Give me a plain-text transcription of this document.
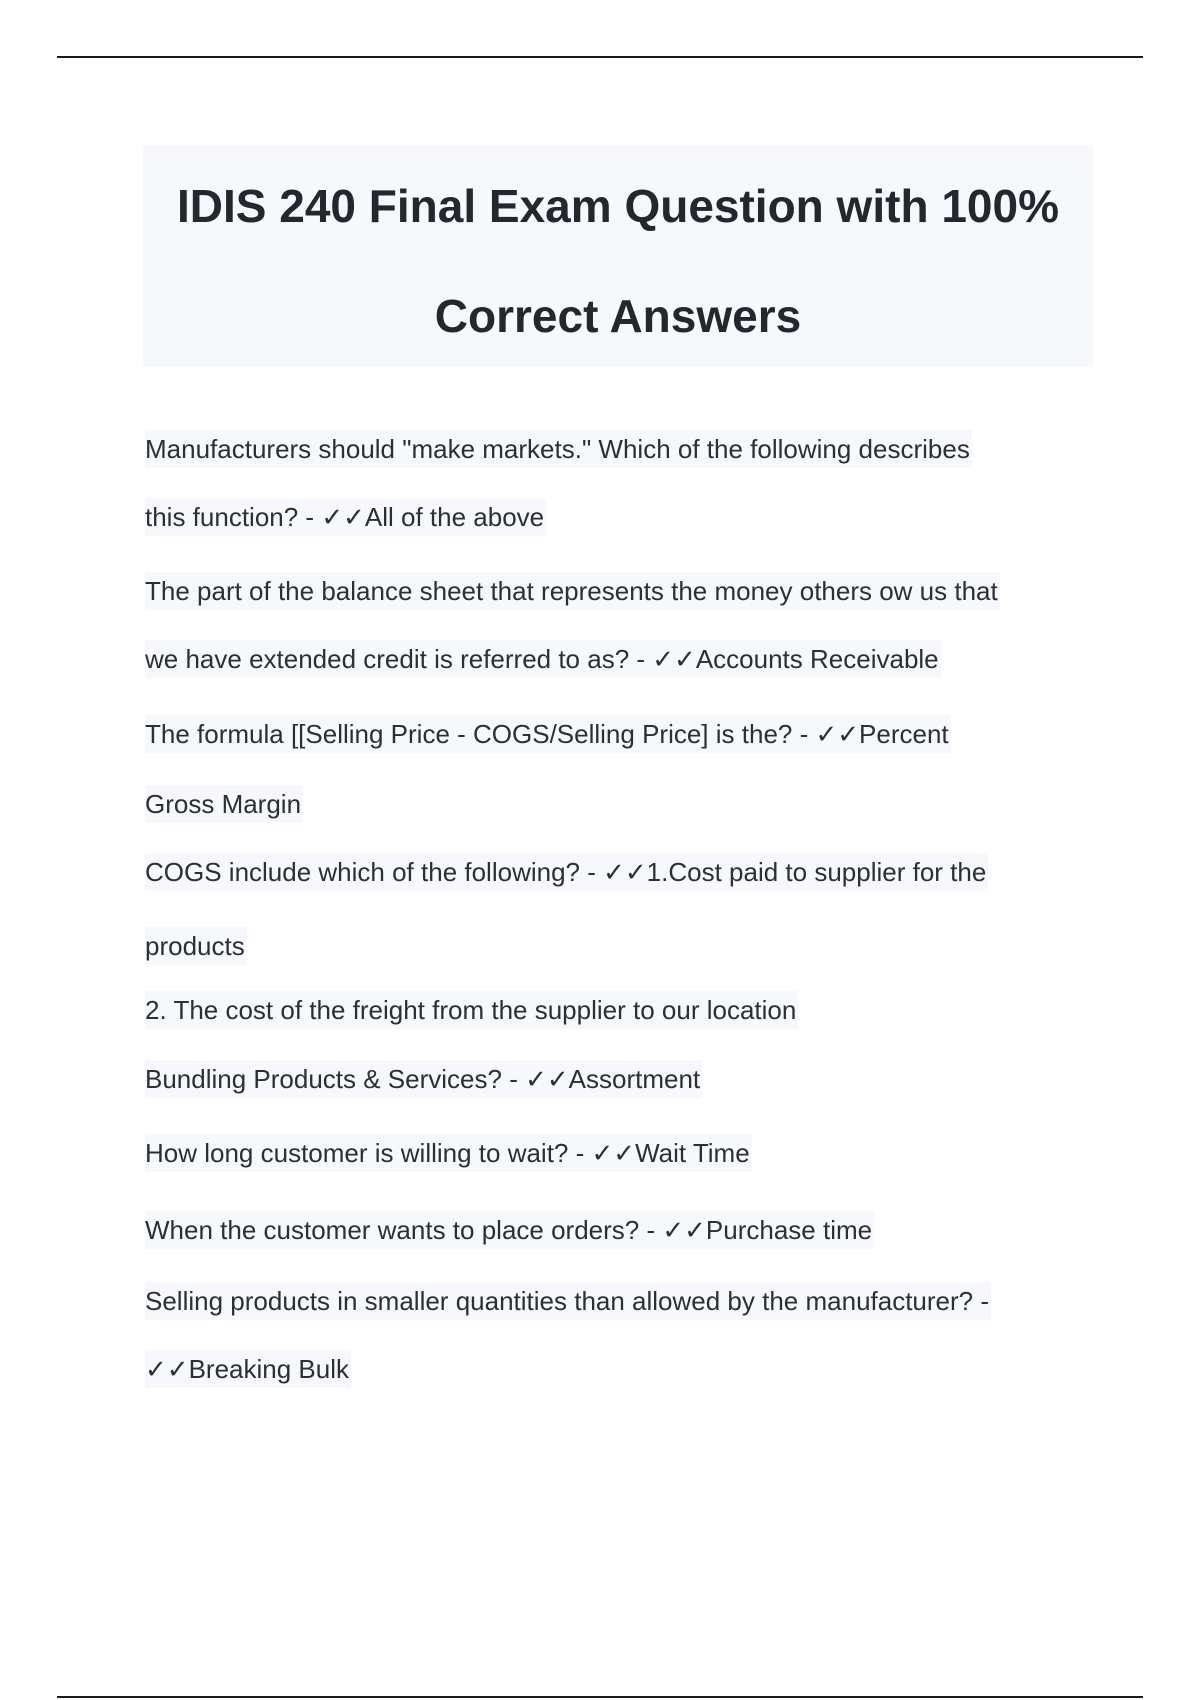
IDIS 240 Final Exam Question with 100%
Correct Answers
Manufacturers should "make markets." Which of the following describes
this function? - ✓✓All of the above
The part of the balance sheet that represents the money others ow us that
we have extended credit is referred to as? - ✓✓Accounts Receivable
The formula [[Selling Price - COGS/Selling Price] is the? - ✓✓Percent
Gross Margin
COGS include which of the following? - ✓✓1.Cost paid to supplier for the
products
2. The cost of the freight from the supplier to our location
Bundling Products & Services? - ✓✓Assortment
How long customer is willing to wait? - ✓✓Wait Time
When the customer wants to place orders? - ✓✓Purchase time
Selling products in smaller quantities than allowed by the manufacturer? -
✓✓Breaking Bulk
